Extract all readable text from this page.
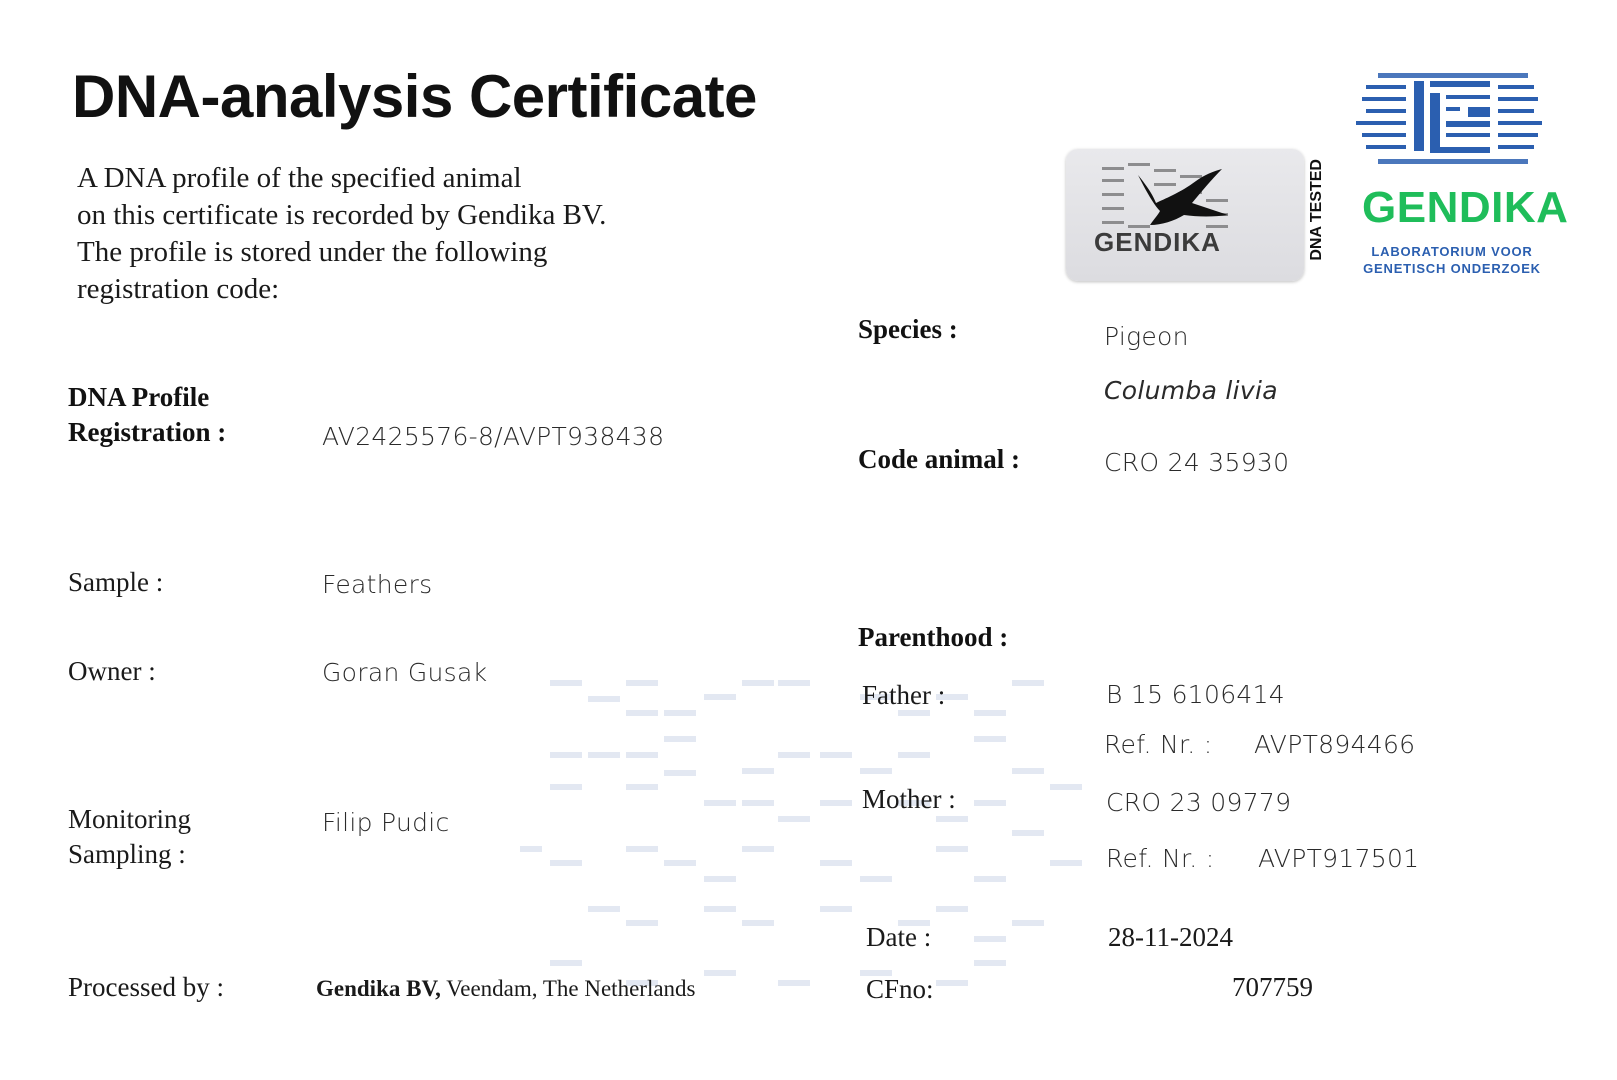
DNA-analysis Certificate
A DNA profile of the specified animal
on this certificate is recorded by Gendika BV.
The profile is stored under the following
registration code:
GENDIKA	DNA TESTED GENDIKA
LABORATORIUM VOOR
GENETISCH ONDERZOEK
DNA Profile
Registration :	AV2425576-8/AVPT938438
Sample :	Feathers
Owner :	Goran Gusak
Monitoring
Sampling :
Filip Pudic
Processed by :	Gendika BV, Veendam, The Netherlands
Species :	Pigeon
Columba livia
Code animal :	CRO 24 35930
Parenthood :
Father :	B 15 6106414
Ref. Nr. : AVPT894466
Mother :	CRO 23 09779
Ref. Nr. : AVPT917501
Date :	28-11-2024
CFno:	707759
